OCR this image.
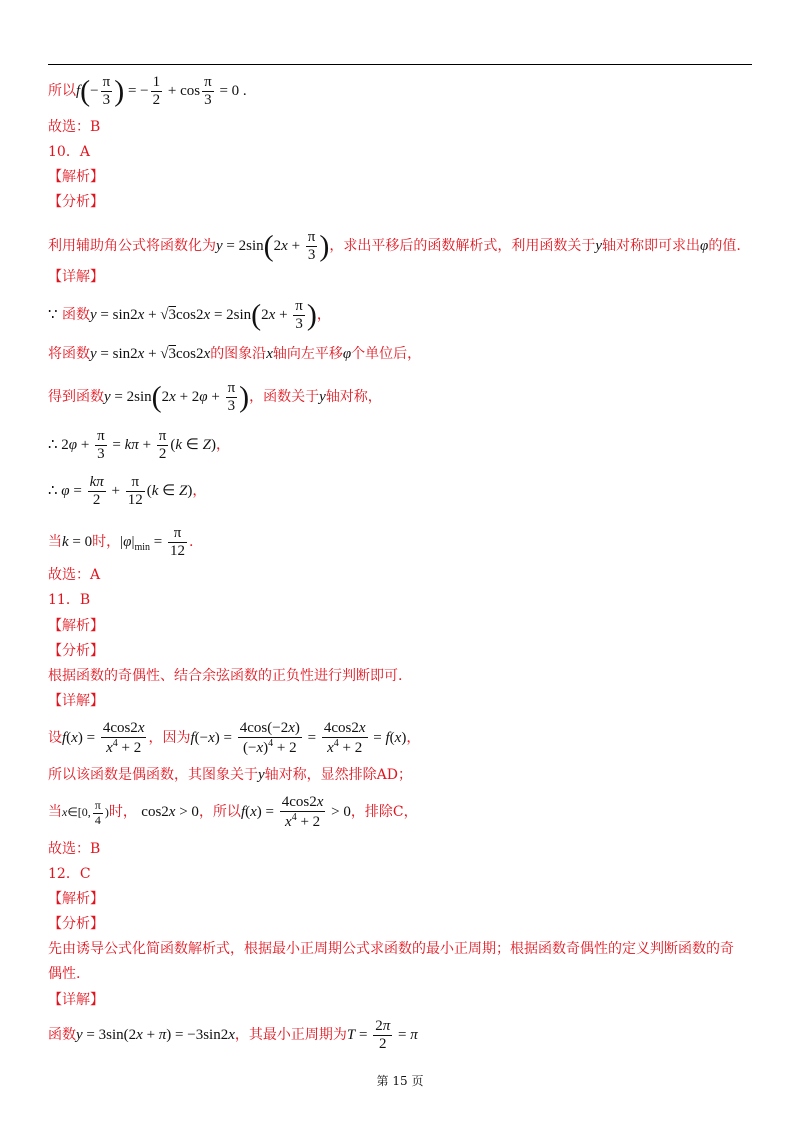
所以$f(- \frac{\pi}{3}$ ) = − $\frac{1}{2} + \cos \frac{\pi}{3} = 0$ .
故选：B
10．A
【解析】
【分析】
利用辅助角公式将函数化为$y = 2\sin(2x + \frac{\pi}{3}$ )，求出平移后的函数解析式，利用函数关于y轴对称即可求出φ的值.
【详解】
∵ 函数$y = \sin 2x + √3\cos 2x = 2\sin(2x + \frac{\pi}{3}$ )，
将函数y = sin2x + √3cos2x的图象沿x轴向左平移φ个单位后，
得到函数$y = 2\sin(2x + 2\varphi + \frac{\pi}{3}$ )，函数关于y轴对称，
∴ $2\varphi + \frac{\pi}{3} = k\pi + \frac{\pi}{2} (k$ ∈ Z)，
∴ $\varphi = \frac{k\pi}{2} + \frac{\pi}{12} (k$ ∈ Z)，
当k = 0时，$|\varphi|_{min} = \frac{\pi}{12}$ .
故选：A
11．B
【解析】
【分析】
根据函数的奇偶性、结合余弦函数的正负性进行判断即可.
【详解】
设$f(x) = \frac{4\cos 2x}{x^4 + 2}$ ，因为$f(-x) = \frac{4\cos(-2x)}{(-x)^4 + 2} = \frac{4\cos 2x}{x^4 + 2} = f(x)$，
所以该函数是偶函数，其图象关于y轴对称，显然排除AD；
当x∈[0, $\frac{\pi}{4}$ )时， cos2x > 0，所以$f(x) = \frac{4\cos 2x}{x^4 + 2} > 0$，排除C，
故选：B
12．C
【解析】
【分析】
先由诱导公式化简函数解析式，根据最小正周期公式求函数的最小正周期；根据函数奇偶性的定义判断函数的奇
偶性.
【详解】
函数y = 3sin(2x + π) = −3sin2x，其最小正周期为$T = \frac{2\pi}{2} = \pi$
第 15 页
